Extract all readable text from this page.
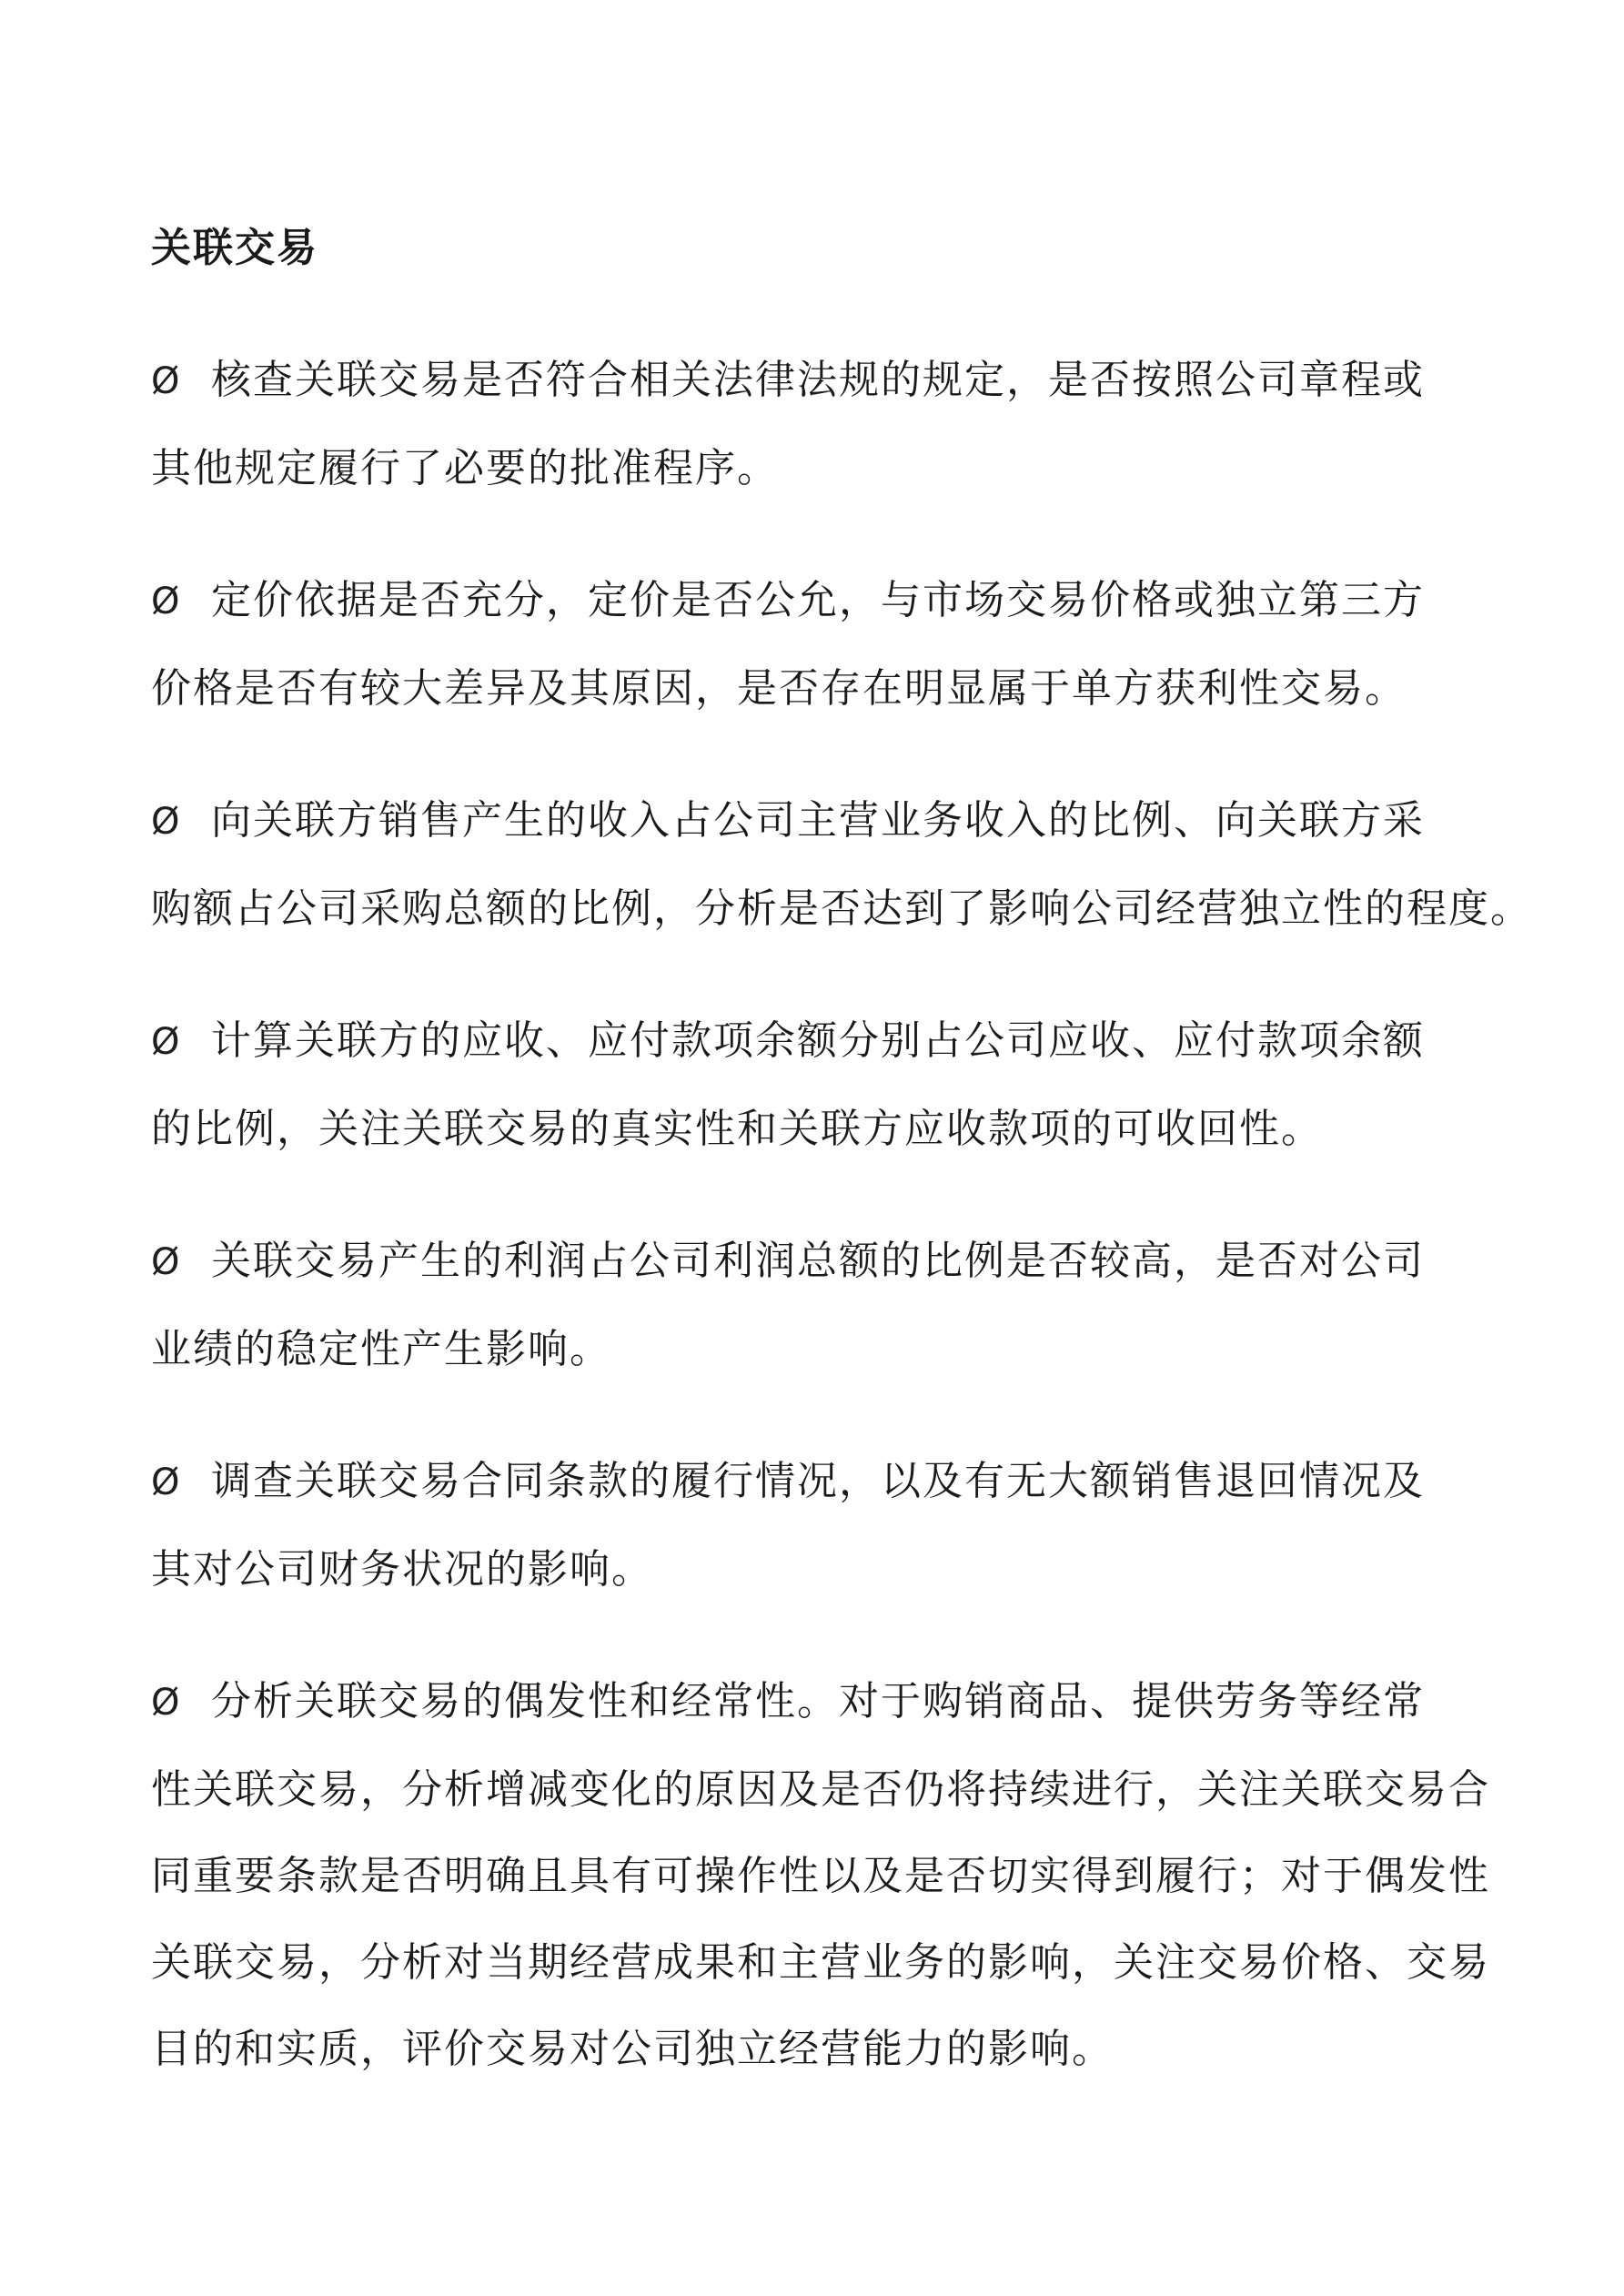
关联交易
Ø 核查关联交易是否符合相关法律法规的规定，是否按照公司章程或
其他规定履行了必要的批准程序。
Ø 定价依据是否充分，定价是否公允，与市场交易价格或独立第三方
价格是否有较大差异及其原因，是否存在明显属于单方获利性交易。
Ø 向关联方销售产生的收入占公司主营业务收入的比例、向关联方采
购额占公司采购总额的比例，分析是否达到了影响公司经营独立性的程度。
Ø 计算关联方的应收、应付款项余额分别占公司应收、应付款项余额
的比例，关注关联交易的真实性和关联方应收款项的可收回性。
Ø 关联交易产生的利润占公司利润总额的比例是否较高，是否对公司
业绩的稳定性产生影响。
Ø 调查关联交易合同条款的履行情况，以及有无大额销售退回情况及
其对公司财务状况的影响。
Ø 分析关联交易的偶发性和经常性。对于购销商品、提供劳务等经常
性关联交易，分析增减变化的原因及是否仍将持续进行，关注关联交易合
同重要条款是否明确且具有可操作性以及是否切实得到履行；对于偶发性
关联交易，分析对当期经营成果和主营业务的影响，关注交易价格、交易
目的和实质，评价交易对公司独立经营能力的影响。
